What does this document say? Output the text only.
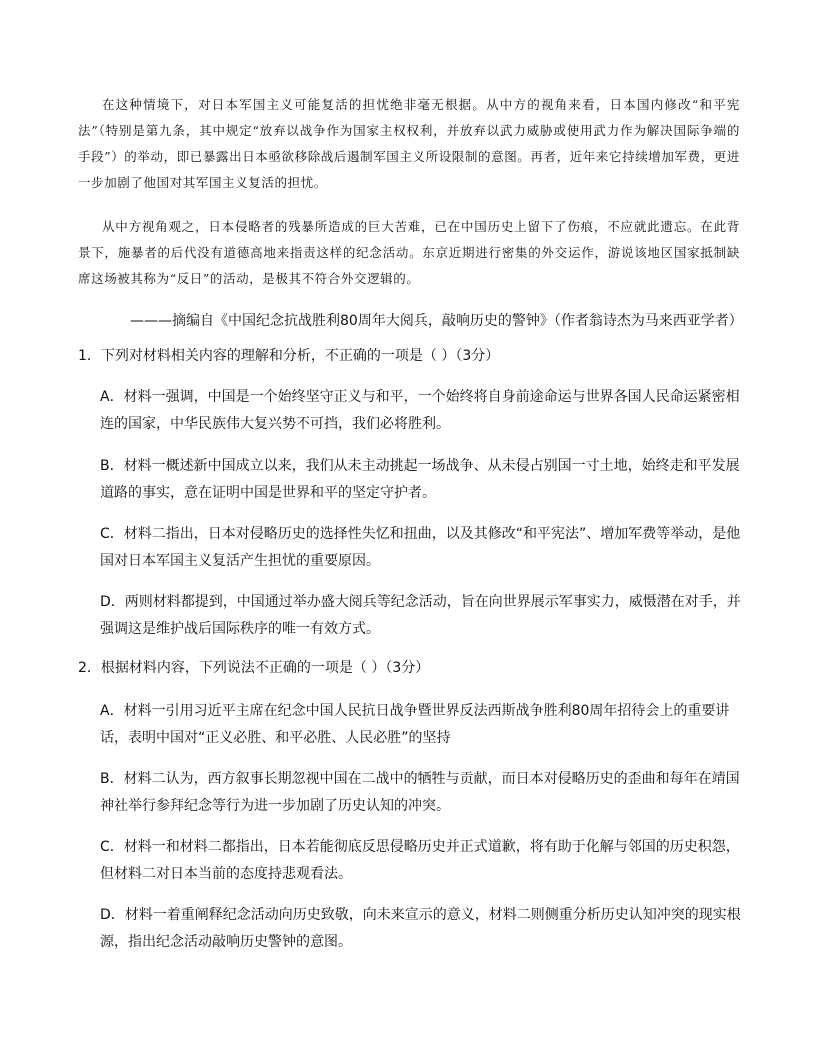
在这种情境下，对日本军国主义可能复活的担忧绝非毫无根据。从中方的视角来看，日本国内修改“和平宪法”（特别是第九条，其中规定“放弃以战争作为国家主权权利，并放弃以武力威胁或使用武力作为解决国际争端的手段”）的举动，即已暴露出日本亟欲移除战后遏制军国主义所设限制的意图。再者，近年来它持续增加军费，更进一步加剧了他国对其军国主义复活的担忧。

从中方视角观之，日本侵略者的残暴所造成的巨大苦难，已在中国历史上留下了伤痕，不应就此遗忘。在此背景下，施暴者的后代没有道德高地来指责这样的纪念活动。东京近期进行密集的外交运作，游说该地区国家抵制缺席这场被其称为“反日”的活动，是极其不符合外交逻辑的。

———摘编自《中国纪念抗战胜利80周年大阅兵，敲响历史的警钟》（作者翁诗杰为马来西亚学者）

1．下列对材料相关内容的理解和分析，不正确的一项是（ ）（3分）

A．材料一强调，中国是一个始终坚守正义与和平，一个始终将自身前途命运与世界各国人民命运紧密相连的国家，中华民族伟大复兴势不可挡，我们必将胜利。

B．材料一概述新中国成立以来，我们从未主动挑起一场战争、从未侵占别国一寸土地，始终走和平发展道路的事实，意在证明中国是世界和平的坚定守护者。

C．材料二指出，日本对侵略历史的选择性失忆和扭曲，以及其修改“和平宪法”、增加军费等举动，是他国对日本军国主义复活产生担忧的重要原因。

D．两则材料都提到，中国通过举办盛大阅兵等纪念活动，旨在向世界展示军事实力，威慑潜在对手，并强调这是维护战后国际秩序的唯一有效方式。

2．根据材料内容，下列说法不正确的一项是（ ）（3分）

A．材料一引用习近平主席在纪念中国人民抗日战争暨世界反法西斯战争胜利80周年招待会上的重要讲话，表明中国对“正义必胜、和平必胜、人民必胜”的坚持

B．材料二认为，西方叙事长期忽视中国在二战中的牺牲与贡献，而日本对侵略历史的歪曲和每年在靖国神社举行参拜纪念等行为进一步加剧了历史认知的冲突。

C．材料一和材料二都指出，日本若能彻底反思侵略历史并正式道歉，将有助于化解与邻国的历史积怨，但材料二对日本当前的态度持悲观看法。

D．材料一着重阐释纪念活动向历史致敬，向未来宣示的意义，材料二则侧重分析历史认知冲突的现实根源，指出纪念活动敲响历史警钟的意图。
